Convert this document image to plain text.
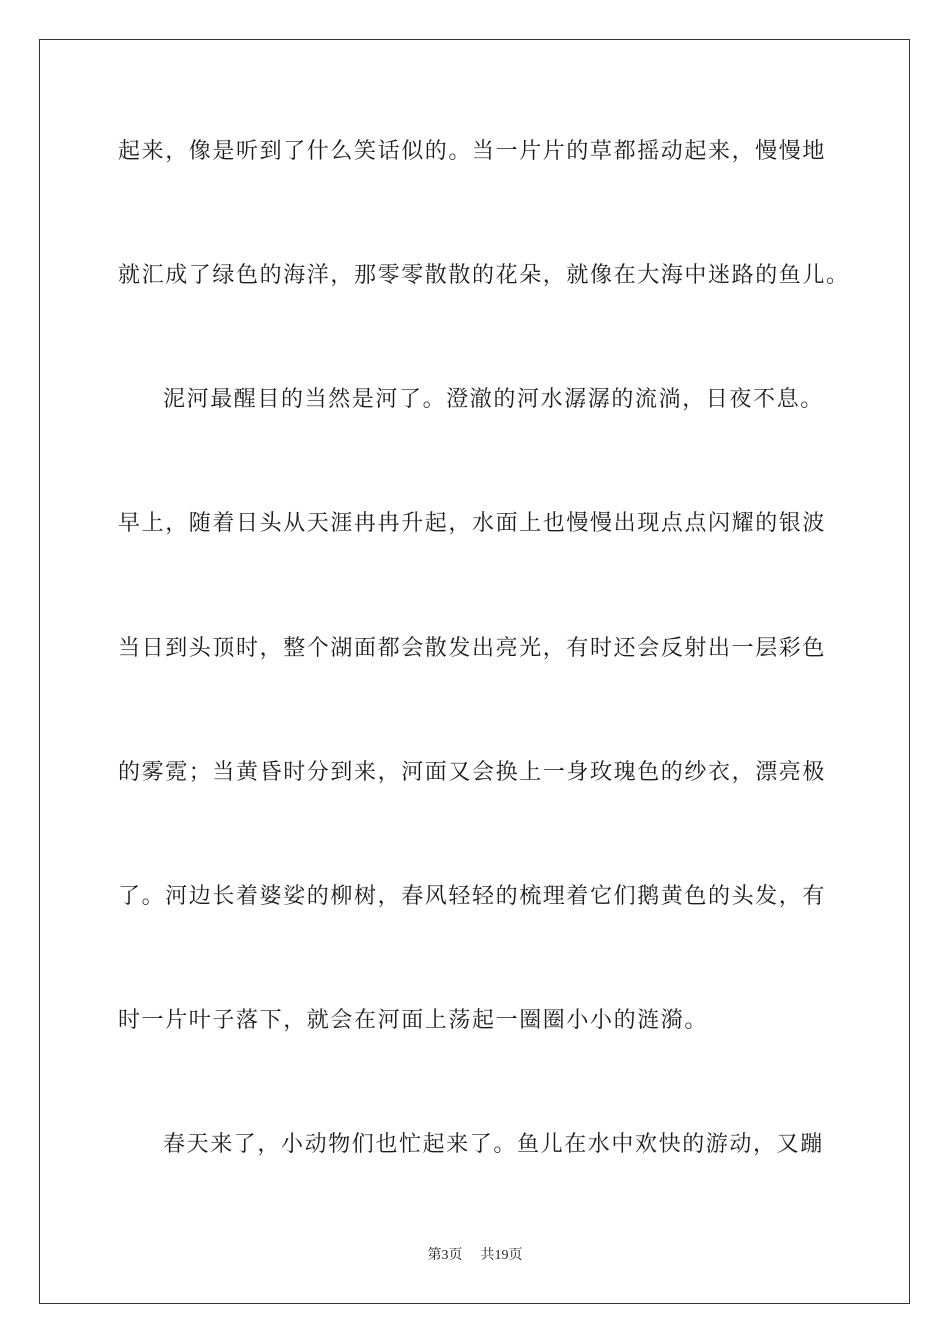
起来，像是听到了什么笑话似的。当一片片的草都摇动起来，慢慢地
就汇成了绿色的海洋，那零零散散的花朵，就像在大海中迷路的鱼儿。
泥河最醒目的当然是河了。澄澈的河水潺潺的流淌，日夜不息。
早上，随着日头从天涯冉冉升起，水面上也慢慢出现点点闪耀的银波
当日到头顶时，整个湖面都会散发出亮光，有时还会反射出一层彩色
的雾霓；当黄昏时分到来，河面又会换上一身玫瑰色的纱衣，漂亮极
了。河边长着婆娑的柳树，春风轻轻的梳理着它们鹅黄色的头发，有
时一片叶子落下，就会在河面上荡起一圈圈小小的涟漪。
春天来了，小动物们也忙起来了。鱼儿在水中欢快的游动，又蹦
第3页 共19页
